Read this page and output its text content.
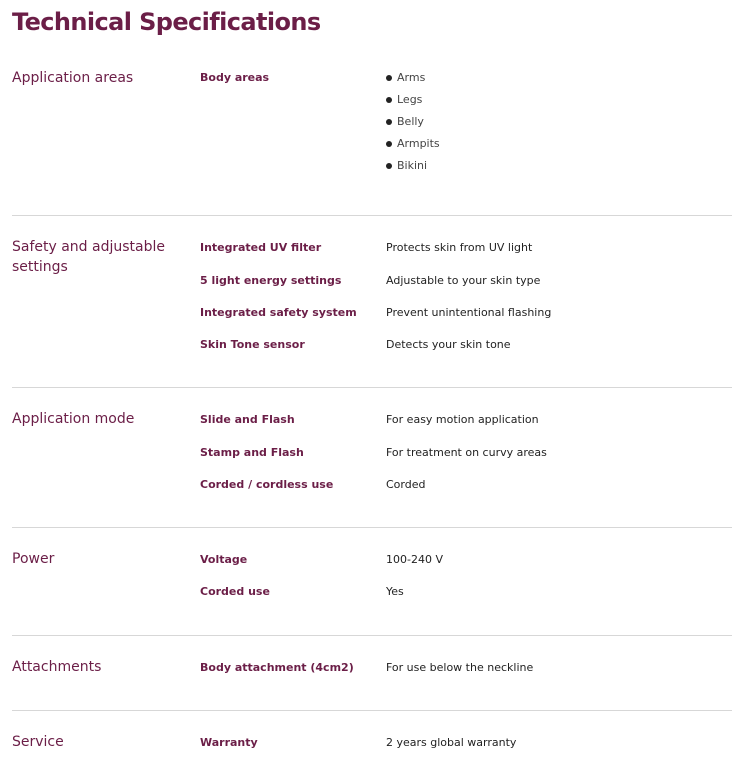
Technical Specifications
Application areas	Body areas	Arms
Legs
Belly
Armpits
Bikini
Safety and adjustable settings
Integrated UV filter	Protects skin from UV light
5 light energy settings	Adjustable to your skin type
Integrated safety system	Prevent unintentional flashing
Skin Tone sensor	Detects your skin tone
Application mode	Slide and Flash	For easy motion application
Stamp and Flash	For treatment on curvy areas
Corded / cordless use	Corded
Power	Voltage	100-240 V
Corded use	Yes
Attachments	Body attachment (4cm2)	For use below the neckline
Service	Warranty	2 years global warranty
